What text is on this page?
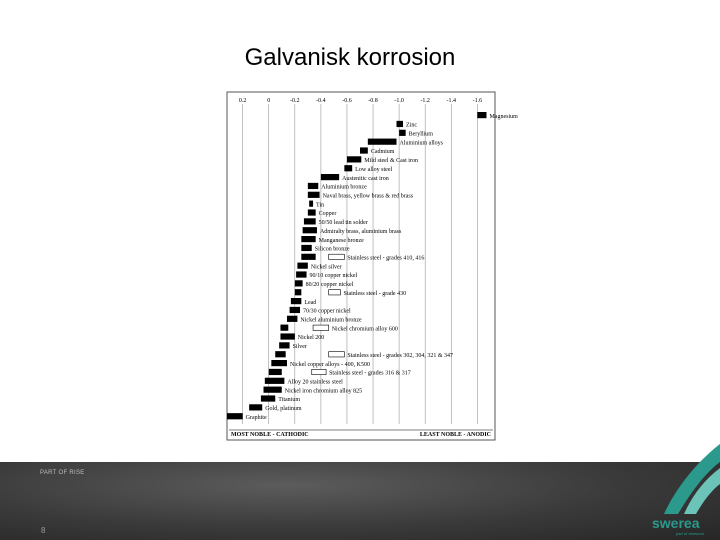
Galvanisk korrosion
0.2	0	-0.2	-0.4	-0.6	-0.8	-1.0	-1.2	-1.4	-1.6
Magnesium
Zinc
Beryllium
Aluminium alloys
Cadmium
Mild steel & Cast iron
Low alloy steel
Austenitic cast iron
Aluminium bronze
Naval brass, yellow brass & red brass
Tin
Copper
50/50 lead tin solder
Admiralty brass, aluminium brass
Manganese bronze
Silicon bronze
Stainless steel - grades 410, 416
Nickel silver
90/10 copper nickel
80/20 copper nickel
Stainless steel - grade 430
Lead
70/30 copper nickel
Nickel aluminium bronze
Nickel chromium alloy 600
Nickel 200
Silver
Stainless steel - grades 302, 304, 321 & 347
Nickel copper alloys - 400, K500
Stainless steel - grades 316 & 317
Alloy 20 stainless steel
Nickel iron chromium alloy 825
Titanium
Gold, platinum
Graphite
MOST NOBLE - CATHODIC	LEAST NOBLE - ANODIC
PART OF RISE
8	swerea
part of research
